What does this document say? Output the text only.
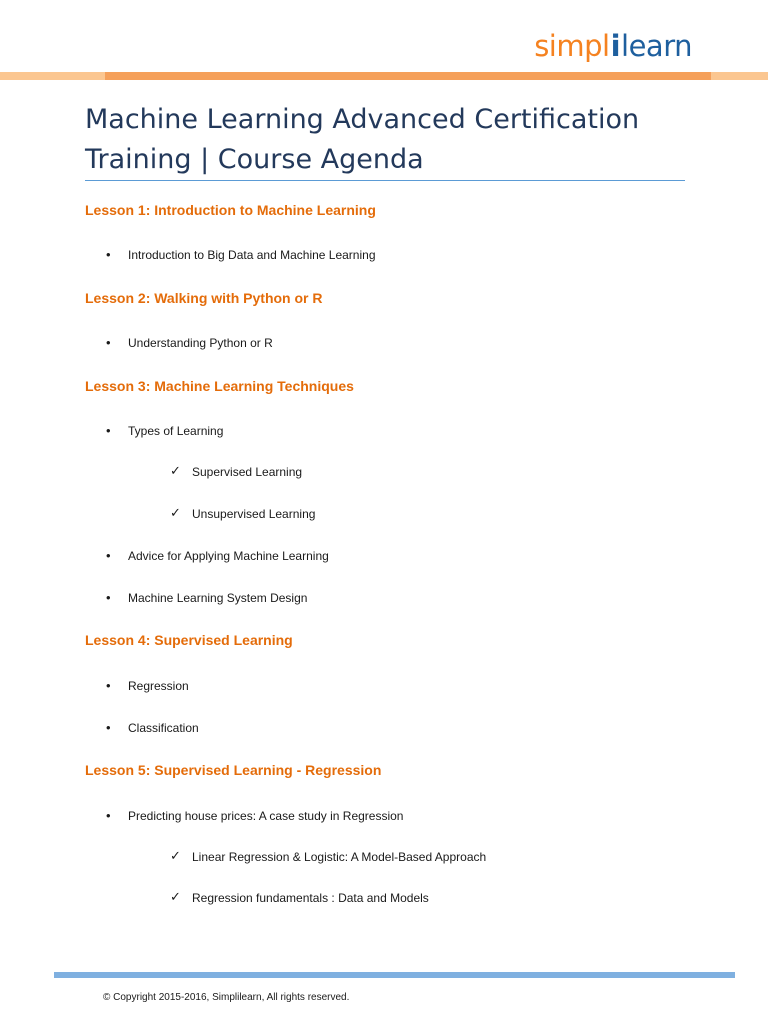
simplilearn
Machine Learning Advanced Certification
Training | Course Agenda
Lesson 1: Introduction to Machine Learning
• Introduction to Big Data and Machine Learning
Lesson 2: Walking with Python or R
• Understanding Python or R
Lesson 3: Machine Learning Techniques
• Types of Learning
✓ Supervised Learning
✓ Unsupervised Learning
• Advice for Applying Machine Learning
• Machine Learning System Design
Lesson 4: Supervised Learning
• Regression
• Classification
Lesson 5: Supervised Learning - Regression
• Predicting house prices: A case study in Regression
✓ Linear Regression & Logistic: A Model-Based Approach
✓ Regression fundamentals : Data and Models
© Copyright 2015-2016, Simplilearn, All rights reserved.
